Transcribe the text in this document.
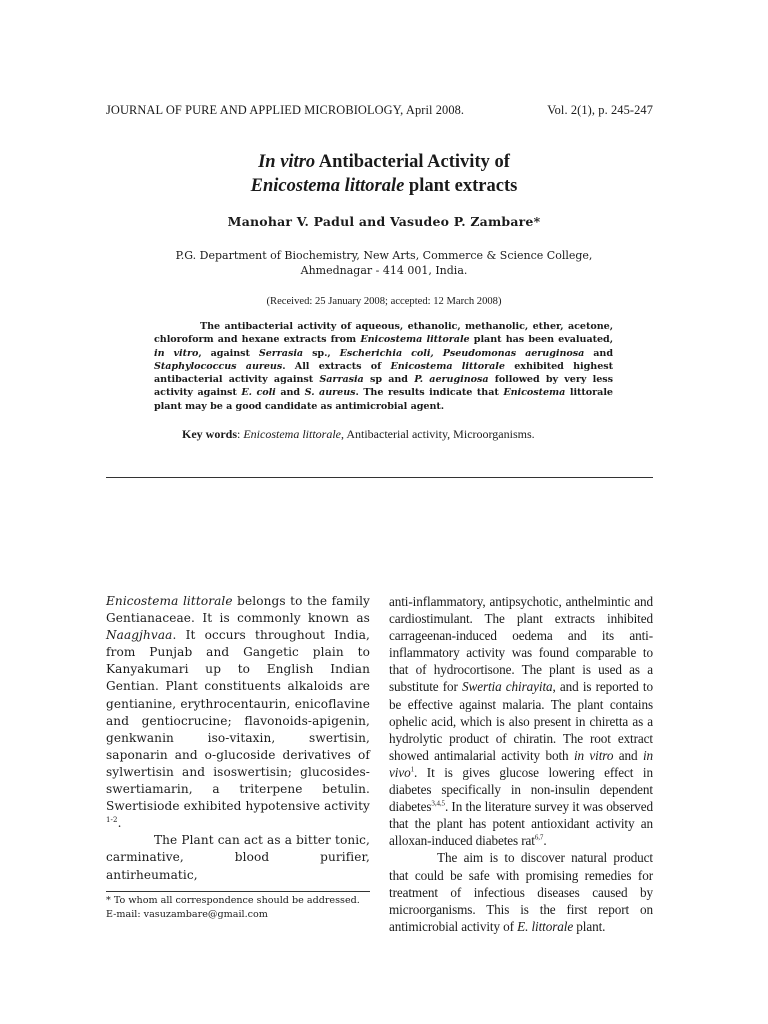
JOURNAL OF PURE AND APPLIED MICROBIOLOGY, April 2008.	Vol. 2(1), p. 245-247
In vitro Antibacterial Activity of
Enicostema littorale plant extracts
Manohar V. Padul and Vasudeo P. Zambare*
P.G. Department of Biochemistry, New Arts, Commerce & Science College,
Ahmednagar - 414 001, India.
(Received: 25 January 2008; accepted: 12 March 2008)

The antibacterial activity of aqueous, ethanolic, methanolic, ether, acetone, chloroform and hexane extracts from Enicostema littorale plant has been evaluated, in vitro, against Serrasia sp., Escherichia coli, Pseudomonas aeruginosa and Staphylococcus aureus. All extracts of Enicostema littorale exhibited highest antibacterial activity against Sarrasia sp and P. aeruginosa followed by very less activity against E. coli and S. aureus. The results indicate that Enicostema littorale plant may be a good candidate as antimicrobial agent.

Key words: Enicostema littorale, Antibacterial activity, Microorganisms.

Enicostema littorale belongs to the family Gentianaceae. It is commonly known as Naagjhvaa. It occurs throughout India, from Punjab and Gangetic plain to Kanyakumari up to English Indian Gentian. Plant constituents alkaloids are gentianine, erythrocentaurin, enicoflavine and gentiocrucine; flavonoids-apigenin, genkwanin iso-vitaxin, swertisin, saponarin and o-glucoside derivatives of sylwertisin and isoswertisin; glucosides-swertiamarin, a triterpene betulin. Swertisiode exhibited hypotensive activity $^{1-2}$.

The Plant can act as a bitter tonic, carminative, blood purifier, antirheumatic,

anti-inflammatory, antipsychotic, anthelmintic and cardiostimulant. The plant extracts inhibited carrageenan-induced oedema and its anti-inflammatory activity was found comparable to that of hydrocortisone. The plant is used as a substitute for Swertia chirayita, and is reported to be effective against malaria. The plant contains ophelic acid, which is also present in chiretta as a hydrolytic product of chiratin. The root extract showed antimalarial activity both in vitro and in vivo$^1$. It is gives glucose lowering effect in diabetes specifically in non-insulin dependent diabetes$^{3,4,5}$. In the literature survey it was observed that the plant has potent antioxidant activity an alloxan-induced diabetes rat$^{6,7}$.

The aim is to discover natural product that could be safe with promising remedies for treatment of infectious diseases caused by microorganisms. This is the first report on antimicrobial activity of E. littorale plant.

* To whom all correspondence should be addressed.
E-mail: vasuzambare@gmail.com
